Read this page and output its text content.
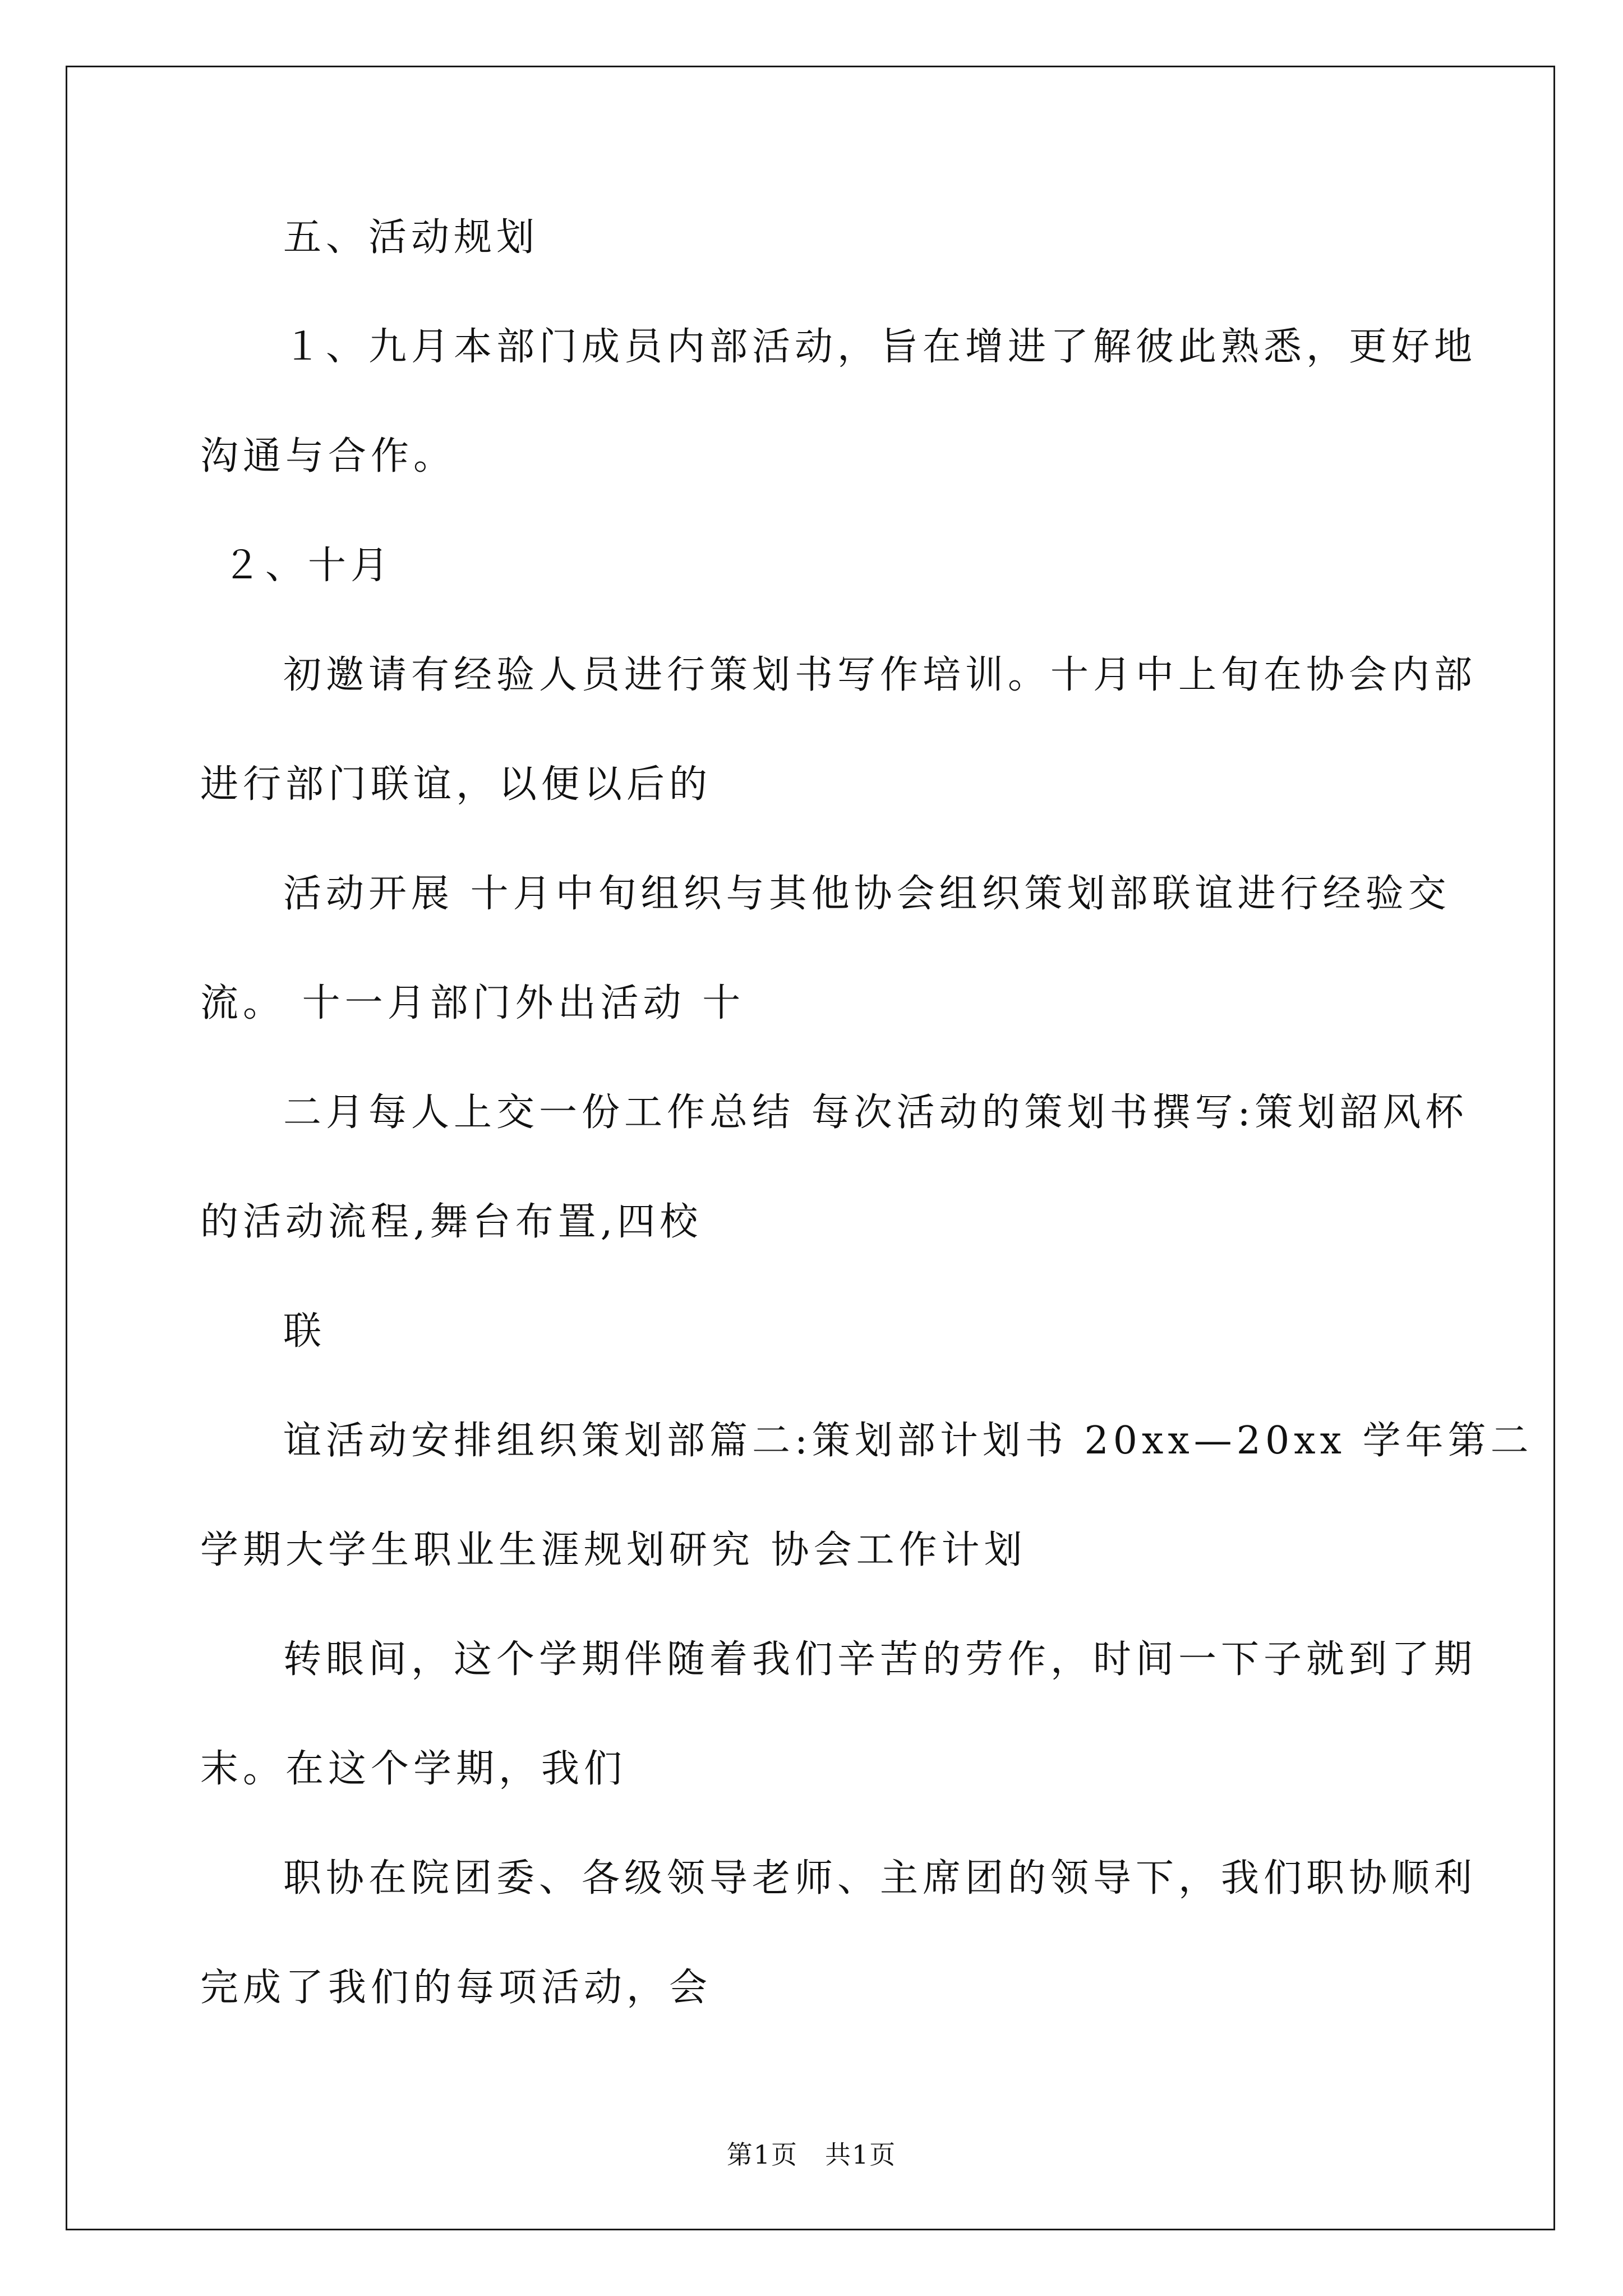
五、活动规划
１、九月本部门成员内部活动，旨在增进了解彼此熟悉，更好地
沟通与合作。
２、十月
初邀请有经验人员进行策划书写作培训。十月中上旬在协会内部
进行部门联谊，以便以后的
活动开展 十月中旬组织与其他协会组织策划部联谊进行经验交
流。 十一月部门外出活动 十
二月每人上交一份工作总结 每次活动的策划书撰写:策划韶风杯
的活动流程,舞台布置,四校
联
谊活动安排组织策划部篇二:策划部计划书 20xx—20xx 学年第二
学期大学生职业生涯规划研究 协会工作计划
转眼间，这个学期伴随着我们辛苦的劳作，时间一下子就到了期
末。在这个学期，我们
职协在院团委、各级领导老师、主席团的领导下，我们职协顺利
完成了我们的每项活动，会
第1页　共1页
